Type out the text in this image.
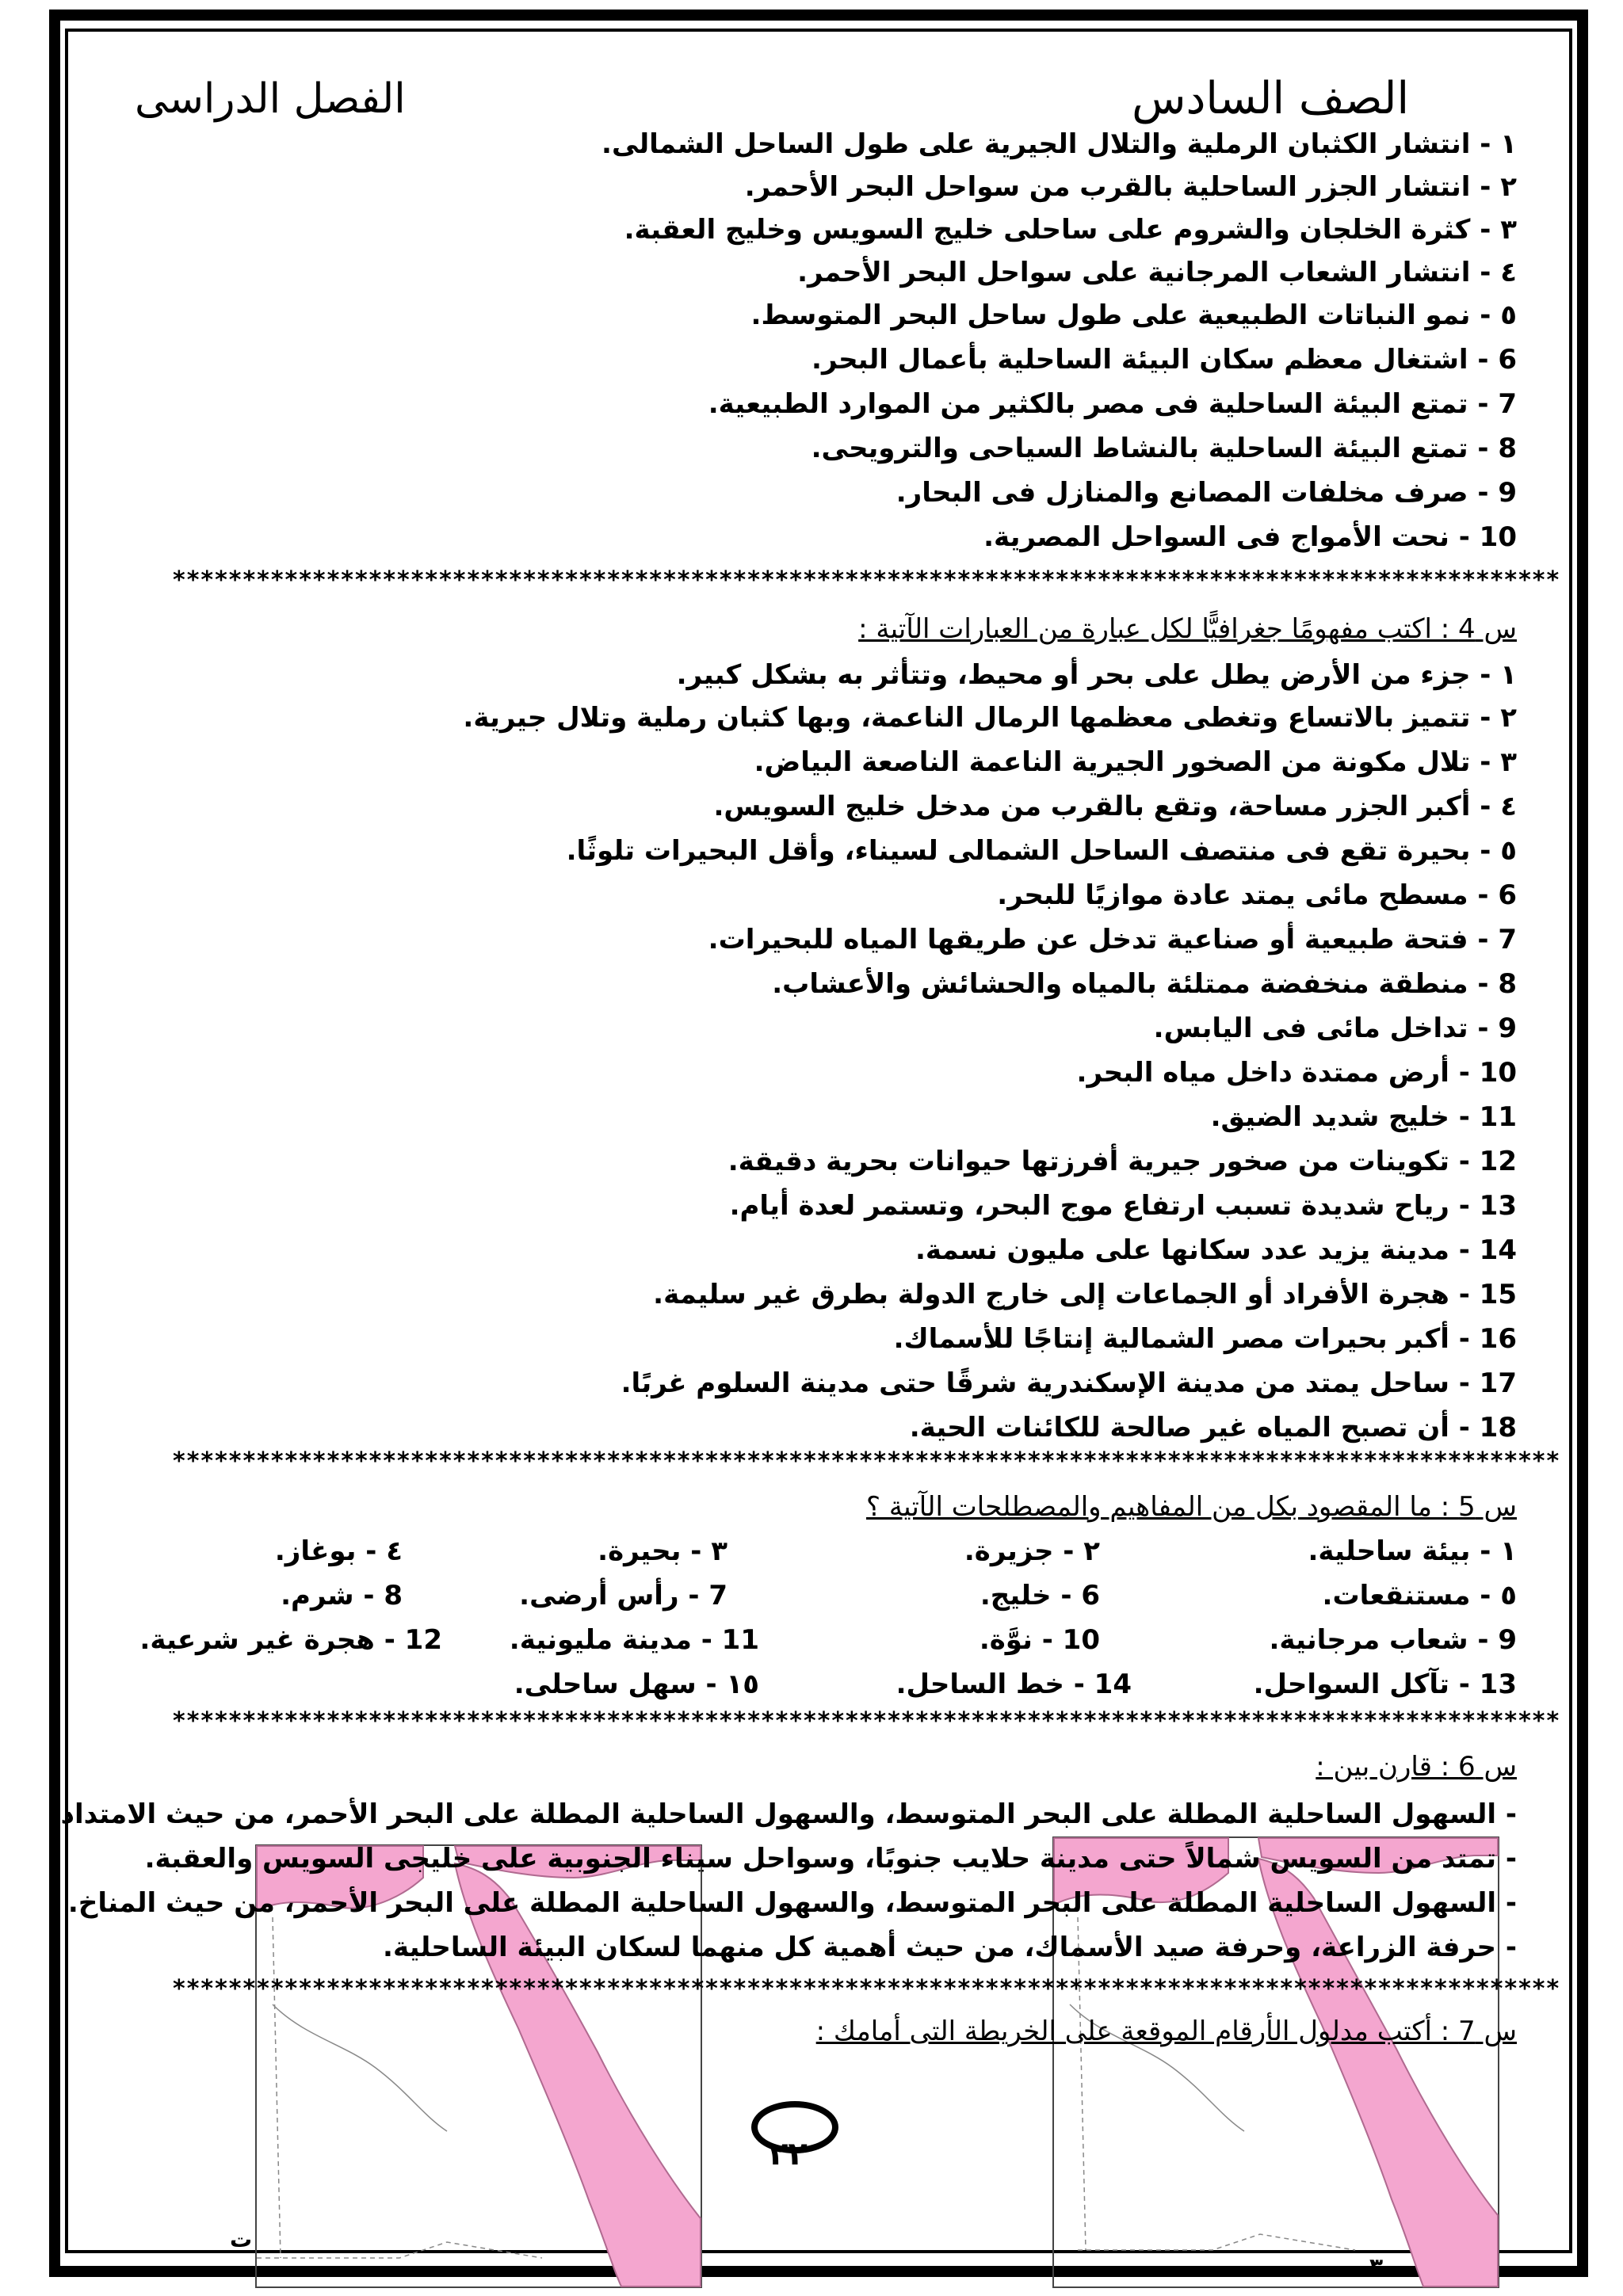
ت
٣
٢٢
الفصل الدراسى	الصف السادس
١ - انتشار الكثبان الرملية والتلال الجيرية على طول الساحل الشمالى.
٢ - انتشار الجزر الساحلية بالقرب من سواحل البحر الأحمر.
٣ - كثرة الخلجان والشروم على ساحلى خليج السويس وخليج العقبة.
٤ - انتشار الشعاب المرجانية على سواحل البحر الأحمر.
٥ - نمو النباتات الطبيعية على طول ساحل البحر المتوسط.
6 - اشتغال معظم سكان البيئة الساحلية بأعمال البحر.
7 - تمتع البيئة الساحلية فى مصر بالكثير من الموارد الطبيعية.
8 - تمتع البيئة الساحلية بالنشاط السياحى والترويحى.
9 - صرف مخلفات المصانع والمنازل فى البحار.
10 - نحت الأمواج فى السواحل المصرية.
***************************************************************************************************
س 4 : اكتب مفهومًا جغرافيًّا لكل عبارة من العبارات الآتية :
١ - جزء من الأرض يطل على بحر أو محيط، وتتأثر به بشكل كبير.
٢ - تتميز بالاتساع وتغطى معظمها الرمال الناعمة، وبها كثبان رملية وتلال جيرية.
٣ - تلال مكونة من الصخور الجيرية الناعمة الناصعة البياض.
٤ - أكبر الجزر مساحة، وتقع بالقرب من مدخل خليج السويس.
٥ - بحيرة تقع فى منتصف الساحل الشمالى لسيناء، وأقل البحيرات تلوثًا.
6 - مسطح مائى يمتد عادة موازيًا للبحر.
7 - فتحة طبيعية أو صناعية تدخل عن طريقها المياه للبحيرات.
8 - منطقة منخفضة ممتلئة بالمياه والحشائش والأعشاب.
9 - تداخل مائى فى اليابس.
10 - أرض ممتدة داخل مياه البحر.
11 - خليج شديد الضيق.
12 - تكوينات من صخور جيرية أفرزتها حيوانات بحرية دقيقة.
13 - رياح شديدة تسبب ارتفاع موج البحر، وتستمر لعدة أيام.
14 - مدينة يزيد عدد سكانها على مليون نسمة.
15 - هجرة الأفراد أو الجماعات إلى خارج الدولة بطرق غير سليمة.
16 - أكبر بحيرات مصر الشمالية إنتاجًا للأسماك.
17 - ساحل يمتد من مدينة الإسكندرية شرقًا حتى مدينة السلوم غربًا.
18 - أن تصبح المياه غير صالحة للكائنات الحية.
***************************************************************************************************
س 5 : ما المقصود بكل من المفاهيم والمصطلحات الآتية ؟
١ - بيئة ساحلية.
٢ - جزيرة.
٣ - بحيرة.
٤ - بوغاز.
٥ - مستنقعات.
6 - خليج.
7 - رأس أرضى.
8 - شرم.
9 - شعاب مرجانية.
10 - نوَّة.
11 - مدينة مليونية.
12 - هجرة غير شرعية.
13 - تآكل السواحل.
14 - خط الساحل.
١٥ - سهل ساحلى.
***************************************************************************************************
س 6 : قارن بين :
- السهول الساحلية المطلة على البحر المتوسط، والسهول الساحلية المطلة على البحر الأحمر، من حيث الامتداد.
- تمتد من السويس شمالاً حتى مدينة حلايب جنوبًا، وسواحل سيناء الجنوبية على خليجى السويس والعقبة.
- السهول الساحلية المطلة على البحر المتوسط، والسهول الساحلية المطلة على البحر الأحمر، من حيث المناخ.
- حرفة الزراعة، وحرفة صيد الأسماك، من حيث أهمية كل منهما لسكان البيئة الساحلية.
***************************************************************************************************
س 7 : أكتب مدلول الأرقام الموقعة على الخريطة التى أمامك :
